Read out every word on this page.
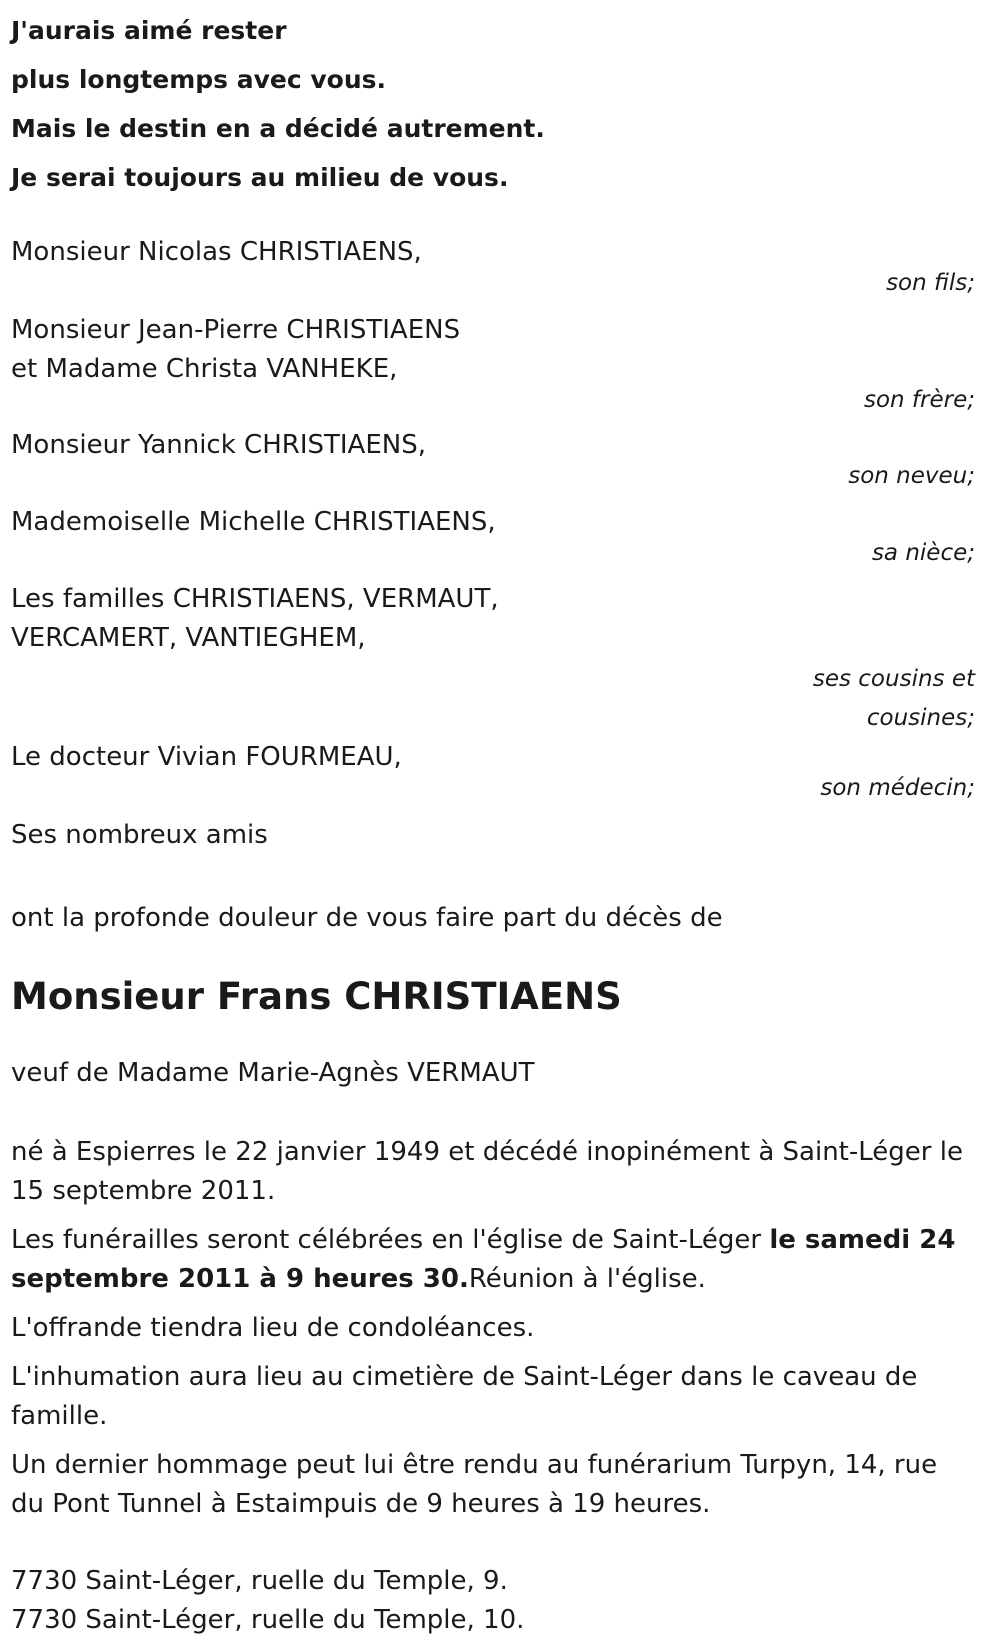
J'aurais aimé rester

plus longtemps avec vous.

Mais le destin en a décidé autrement.

Je serai toujours au milieu de vous.

Monsieur Nicolas CHRISTIAENS,
son fils;
Monsieur Jean-Pierre CHRISTIAENS
et Madame Christa VANHEKE,
son frère;
Monsieur Yannick CHRISTIAENS,
son neveu;
Mademoiselle Michelle CHRISTIAENS,
sa nièce;
Les familles CHRISTIAENS, VERMAUT,
VERCAMERT, VANTIEGHEM,
ses cousins et
cousines;
Le docteur Vivian FOURMEAU,
son médecin;
Ses nombreux amis
ont la profonde douleur de vous faire part du décès de
Monsieur Frans CHRISTIAENS
veuf de Madame Marie-Agnès VERMAUT

né à Espierres le 22 janvier 1949 et décédé inopinément à Saint-Léger le 15 septembre 2011.

Les funérailles seront célébrées en l'église de Saint-Léger le samedi 24 septembre 2011 à 9 heures 30.Réunion à l'église.

L'offrande tiendra lieu de condoléances.

L'inhumation aura lieu au cimetière de Saint-Léger dans le caveau de famille.

Un dernier hommage peut lui être rendu au funérarium Turpyn, 14, rue du Pont Tunnel à Estaimpuis de 9 heures à 19 heures.

7730 Saint-Léger, ruelle du Temple, 9.
7730 Saint-Léger, ruelle du Temple, 10.
